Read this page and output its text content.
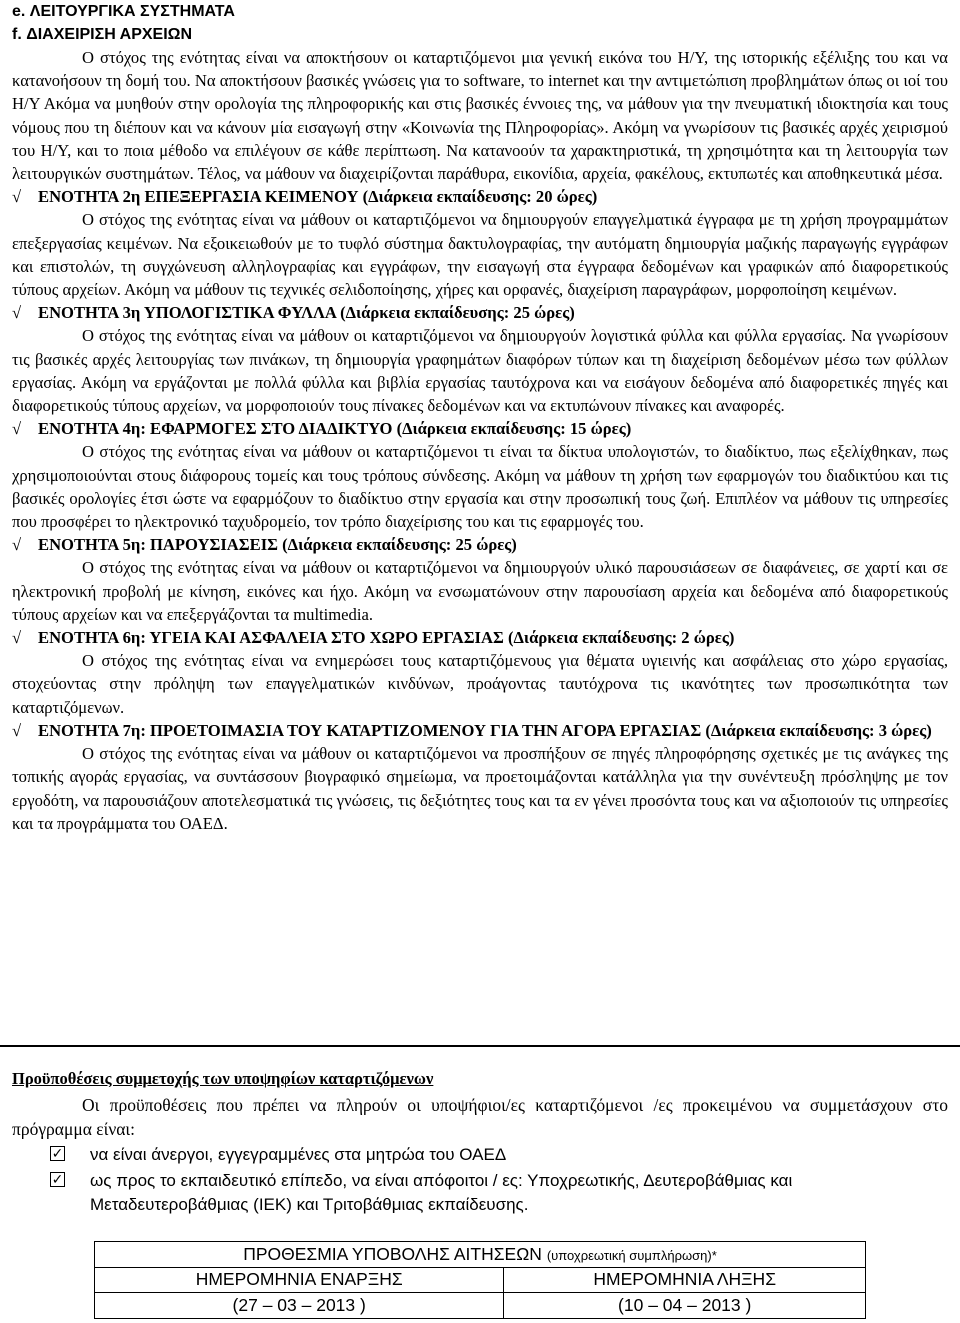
e. ΛΕΙΤΟΥΡΓΙΚΑ ΣΥΣΤΗΜΑΤΑ
f. ΔΙΑΧΕΙΡΙΣΗ ΑΡΧΕΙΩΝ

Ο στόχος της ενότητας είναι να αποκτήσουν οι καταρτιζόμενοι μια γενική εικόνα του Η/Υ, της ιστορικής εξέλιξης του και να κατανοήσουν τη δομή του. Να αποκτήσουν βασικές γνώσεις για το software, το internet και την αντιμετώπιση προβλημάτων όπως οι ιοί του Η/Υ Ακόμα να μυηθούν στην ορολογία της πληροφορικής και στις βασικές έννοιες της, να μάθουν για την πνευματική ιδιοκτησία και τους νόμους που τη διέπουν και να κάνουν μία εισαγωγή στην «Κοινωνία της Πληροφορίας». Ακόμη να γνωρίσουν τις βασικές αρχές χειρισμού του Η/Υ, και το ποια μέθοδο να επιλέγουν σε κάθε περίπτωση. Να κατανοούν τα χαρακτηριστικά, τη χρησιμότητα και τη λειτουργία των λειτουργικών συστημάτων. Τέλος, να μάθουν να διαχειρίζονται παράθυρα, εικονίδια, αρχεία, φακέλους, εκτυπωτές και αποθηκευτικά μέσα.

√ ΕΝΟΤΗΤΑ 2η ΕΠΕΞΕΡΓΑΣΙΑ ΚΕΙΜΕΝΟΥ (Διάρκεια εκπαίδευσης: 20 ώρες)

Ο στόχος της ενότητας είναι να μάθουν οι καταρτιζόμενοι να δημιουργούν επαγγελματικά έγγραφα με τη χρήση προγραμμάτων επεξεργασίας κειμένων. Να εξοικειωθούν με το τυφλό σύστημα δακτυλογραφίας, την αυτόματη δημιουργία μαζικής παραγωγής εγγράφων και επιστολών, τη συγχώνευση αλληλογραφίας και εγγράφων, την εισαγωγή στα έγγραφα δεδομένων και γραφικών από διαφορετικούς τύπους αρχείων. Ακόμη να μάθουν τις τεχνικές σελιδοποίησης, χήρες και ορφανές, διαχείριση παραγράφων, μορφοποίηση κειμένων.

√ ΕΝΟΤΗΤΑ 3η ΥΠΟΛΟΓΙΣΤΙΚΑ ΦΥΛΛΑ (Διάρκεια εκπαίδευσης: 25 ώρες)

Ο στόχος της ενότητας είναι να μάθουν οι καταρτιζόμενοι να δημιουργούν λογιστικά φύλλα και φύλλα εργασίας. Να γνωρίσουν τις βασικές αρχές λειτουργίας των πινάκων, τη δημιουργία γραφημάτων διαφόρων τύπων και τη διαχείριση δεδομένων μέσω των φύλλων εργασίας. Ακόμη να εργάζονται με πολλά φύλλα και βιβλία εργασίας ταυτόχρονα και να εισάγουν δεδομένα από διαφορετικές πηγές και διαφορετικούς τύπους αρχείων, να μορφοποιούν τους πίνακες δεδομένων και να εκτυπώνουν πίνακες και αναφορές.

√ ΕΝΟΤΗΤΑ 4η: ΕΦΑΡΜΟΓΕΣ ΣΤΟ ΔΙΑΔΙΚΤΥΟ (Διάρκεια εκπαίδευσης: 15 ώρες)

Ο στόχος της ενότητας είναι να μάθουν οι καταρτιζόμενοι τι είναι τα δίκτυα υπολογιστών, το διαδίκτυο, πως εξελίχθηκαν, πως χρησιμοποιούνται στους διάφορους τομείς και τους τρόπους σύνδεσης. Ακόμη να μάθουν τη χρήση των εφαρμογών του διαδικτύου και τις βασικές ορολογίες έτσι ώστε να εφαρμόζουν το διαδίκτυο στην εργασία και στην προσωπική τους ζωή. Επιπλέον να μάθουν τις υπηρεσίες που προσφέρει το ηλεκτρονικό ταχυδρομείο, τον τρόπο διαχείρισης του και τις εφαρμογές του.

√ ΕΝΟΤΗΤΑ 5η: ΠΑΡΟΥΣΙΑΣΕΙΣ (Διάρκεια εκπαίδευσης: 25 ώρες)

Ο στόχος της ενότητας είναι να μάθουν οι καταρτιζόμενοι να δημιουργούν υλικό παρουσιάσεων σε διαφάνειες, σε χαρτί και σε ηλεκτρονική προβολή με κίνηση, εικόνες και ήχο. Ακόμη να ενσωματώνουν στην παρουσίαση αρχεία και δεδομένα από διαφορετικούς τύπους αρχείων και να επεξεργάζονται τα multimedia.

√ ΕΝΟΤΗΤΑ 6η: ΥΓΕΙΑ ΚΑΙ ΑΣΦΑΛΕΙΑ ΣΤΟ ΧΩΡΟ ΕΡΓΑΣΙΑΣ (Διάρκεια εκπαίδευσης: 2 ώρες)

Ο στόχος της ενότητας είναι να ενημερώσει τους καταρτιζόμενους για θέματα υγιεινής και ασφάλειας στο χώρο εργασίας, στοχεύοντας στην πρόληψη των επαγγελματικών κινδύνων, προάγοντας ταυτόχρονα τις ικανότητες των προσωπικότητα των καταρτιζόμενων.

√ ΕΝΟΤΗΤΑ 7η: ΠΡΟΕΤΟΙΜΑΣΙΑ ΤΟΥ ΚΑΤΑΡΤΙΖΟΜΕΝΟΥ ΓΙΑ ΤΗΝ ΑΓΟΡΑ ΕΡΓΑΣΙΑΣ (Διάρκεια εκπαίδευσης: 3 ώρες)

Ο στόχος της ενότητας είναι να μάθουν οι καταρτιζόμενοι να προσπήξουν σε πηγές πληροφόρησης σχετικές με τις ανάγκες της τοπικής αγοράς εργασίας, να συντάσσουν βιογραφικό σημείωμα, να προετοιμάζονται κατάλληλα για την συνέντευξη πρόσληψης με τον εργοδότη, να παρουσιάζουν αποτελεσματικά τις γνώσεις, τις δεξιότητες τους και τα εν γένει προσόντα τους και να αξιοποιούν τις υπηρεσίες και τα προγράμματα του ΟΑΕΔ.

Προϋποθέσεις συμμετοχής των υποψηφίων καταρτιζόμενων

Οι προϋποθέσεις που πρέπει να πληρούν οι υποψήφιοι/ες καταρτιζόμενοι /ες προκειμένου να συμμετάσχουν στο πρόγραμμα είναι:

✓ να είναι άνεργοι, εγγεγραμμένες στα μητρώα του ΟΑΕΔ
✓ ως προς το εκπαιδευτικό επίπεδο, να είναι απόφοιτοι / ες: Υποχρεωτικής, Δευτεροβάθμιας και Μεταδευτεροβάθμιας (ΙΕΚ) και Τριτοβάθμιας εκπαίδευσης.
ΠΡΟΘΕΣΜΙΑ ΥΠΟΒΟΛΗΣ ΑΙΤΗΣΕΩΝ (υποχρεωτική συμπλήρωση)*	
ΗΜΕΡΟΜΗΝΙΑ ΕΝΑΡΞΗΣ	ΗΜΕΡΟΜΗΝΙΑ ΛΗΞΗΣ
(27 – 03 – 2013 )	(10 – 04 – 2013 )
